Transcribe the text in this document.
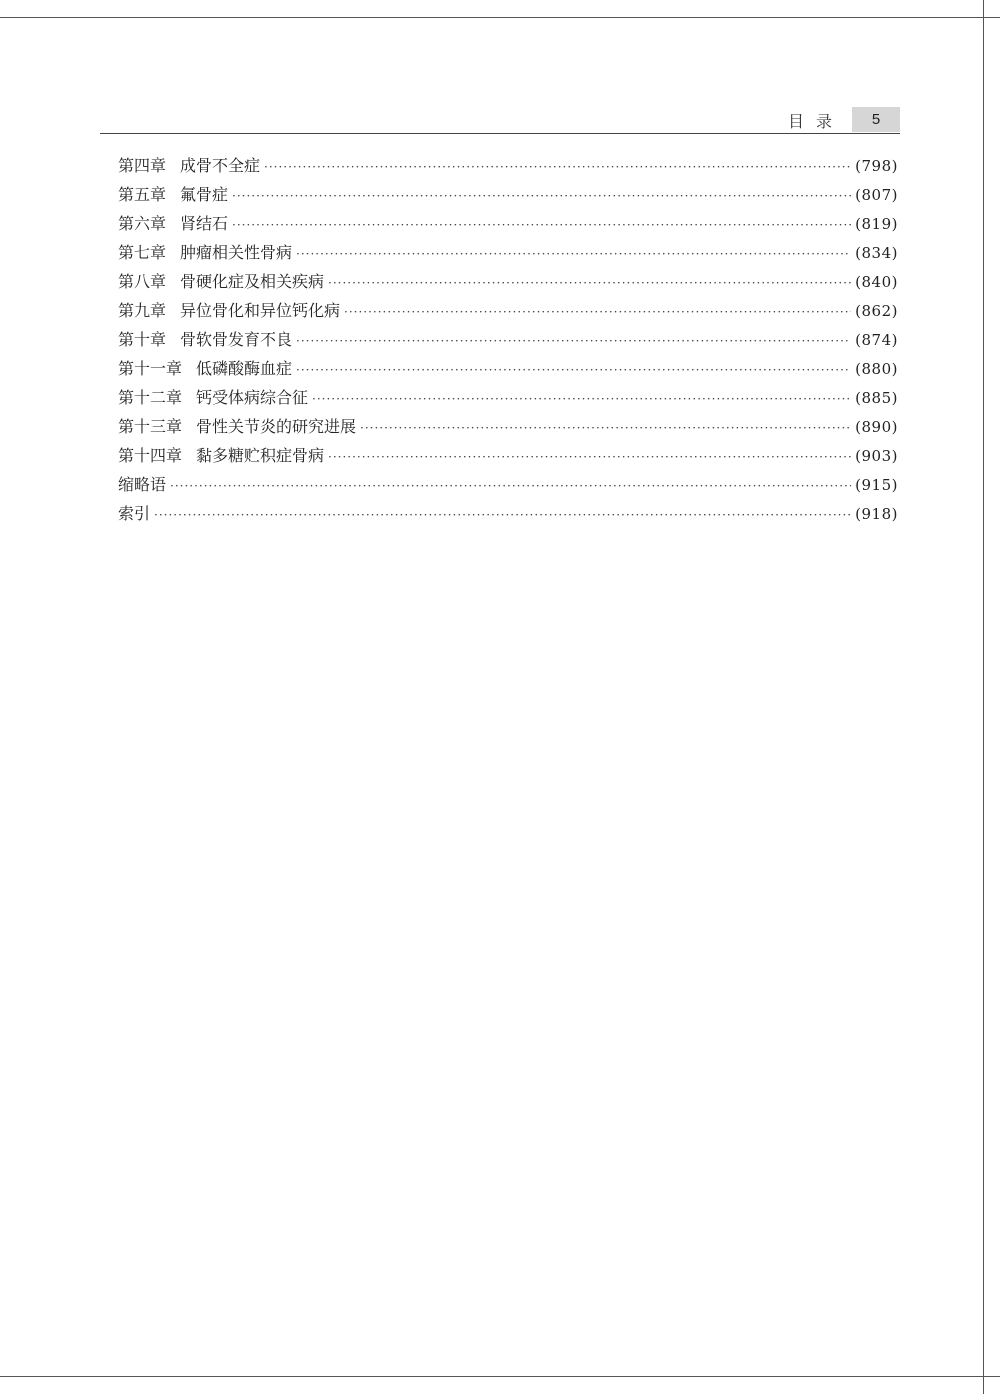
目录	5
第四章 成骨不全症 ·····	(798)
第五章 氟骨症 ·····	(807)
第六章 肾结石 ·····	(819)
第七章 肿瘤相关性骨病 ·····	(834)
第八章 骨硬化症及相关疾病 ·····	(840)
第九章 异位骨化和异位钙化病 ·····	(862)
第十章 骨软骨发育不良 ·····	(874)
第十一章 低磷酸酶血症 ·····	(880)
第十二章 钙受体病综合征 ·····	(885)
第十三章 骨性关节炎的研究进展 ·····	(890)
第十四章 黏多糖贮积症骨病 ·····	(903)
缩略语 ·····	(915)
索引 ·····	(918)
